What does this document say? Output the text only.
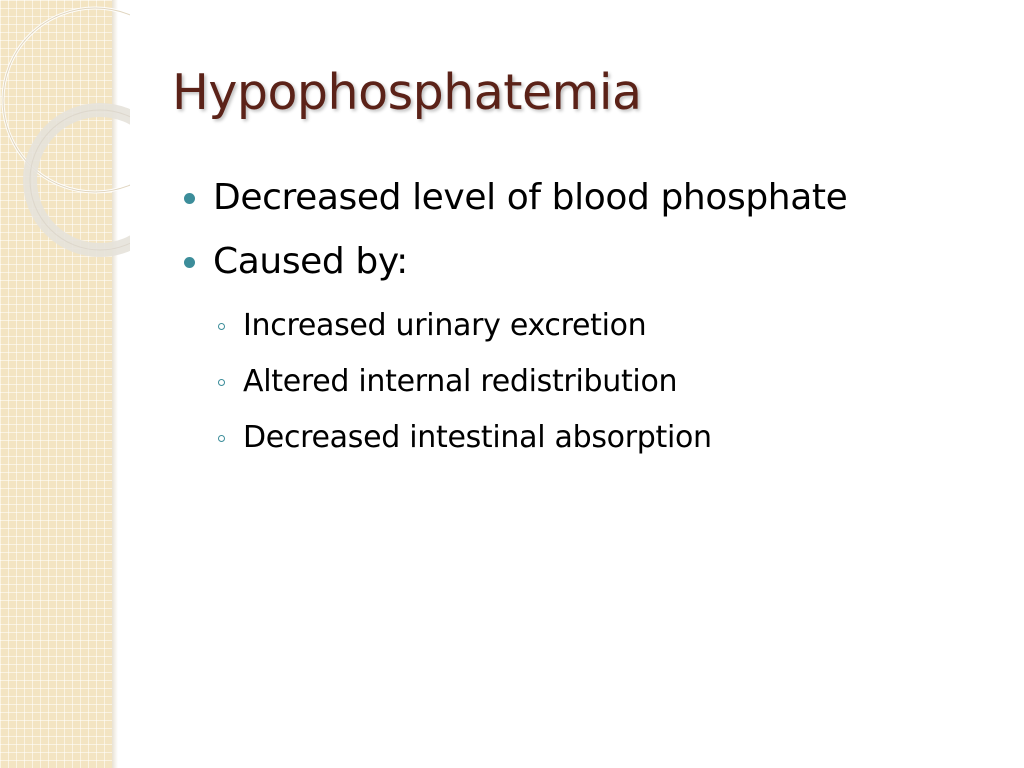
Hypophosphatemia
Decreased level of blood phosphate
Caused by:
Increased urinary excretion
Altered internal redistribution
Decreased intestinal absorption
